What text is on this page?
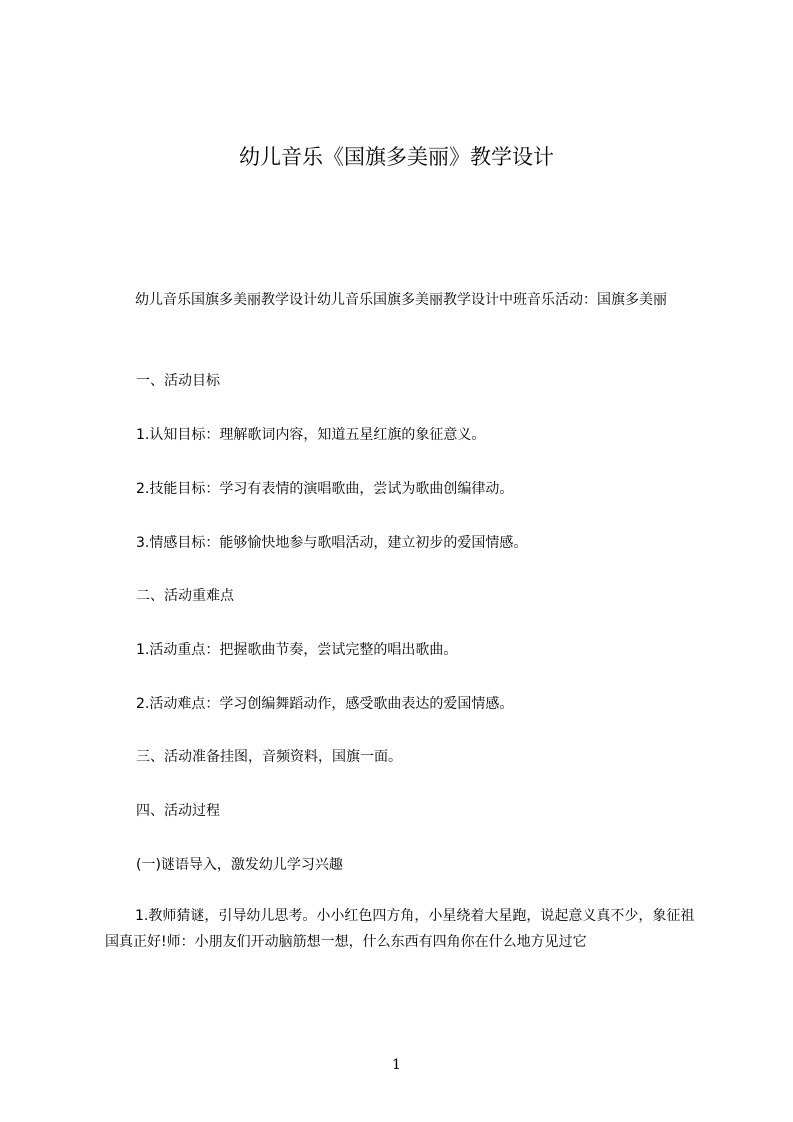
幼儿音乐《国旗多美丽》教学设计

幼儿音乐国旗多美丽教学设计幼儿音乐国旗多美丽教学设计中班音乐活动：国旗多美丽

一、活动目标

1.认知目标：理解歌词内容，知道五星红旗的象征意义。

2.技能目标：学习有表情的演唱歌曲，尝试为歌曲创编律动。

3.情感目标：能够愉快地参与歌唱活动，建立初步的爱国情感。

二、活动重难点

1.活动重点：把握歌曲节奏，尝试完整的唱出歌曲。

2.活动难点：学习创编舞蹈动作，感受歌曲表达的爱国情感。

三、活动准备挂图，音频资料，国旗一面。

四、活动过程

(一)谜语导入，激发幼儿学习兴趣

1.教师猜谜，引导幼儿思考。小小红色四方角，小星绕着大星跑，说起意义真不少，象征祖国真正好!师：小朋友们开动脑筋想一想，什么东西有四角你在什么地方见过它

1
